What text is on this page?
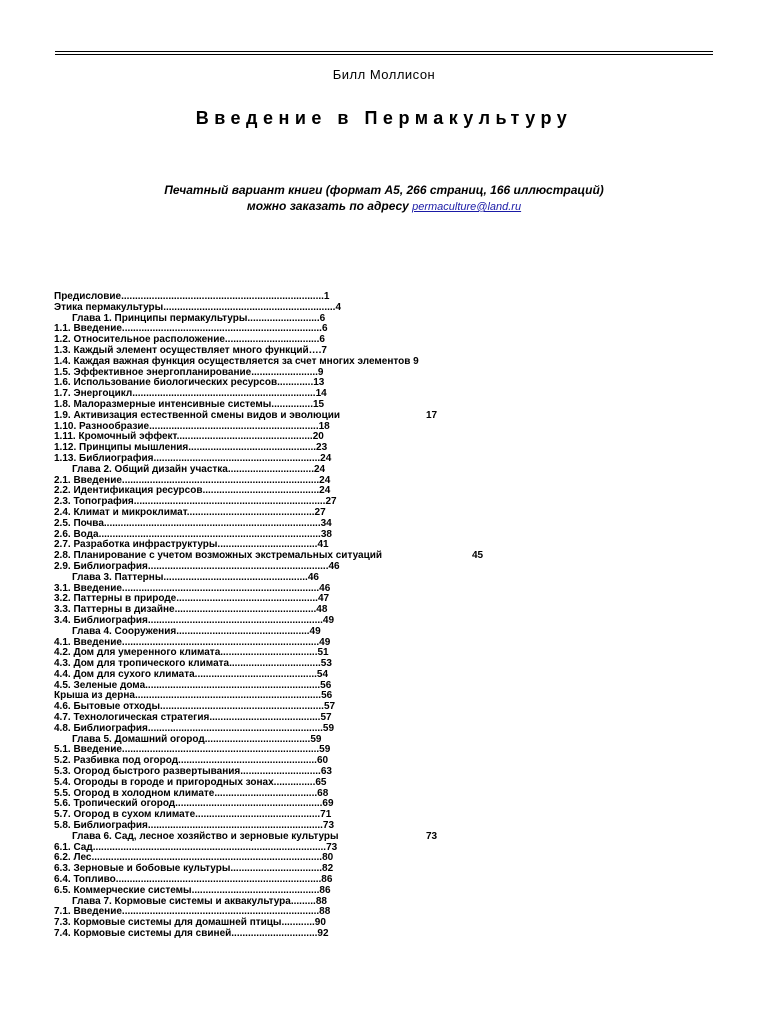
Билл Моллисон
Введение в Пермакультуру
Печатный вариант книги (формат А5, 266 страниц, 166 иллюстраций)
можно заказать по адресу permaculture@land.ru
Предисловие.........................................................................1
Этика пермакультуры..............................................................4
Глава 1. Принципы пермакультуры..........................6
1.1. Введение........................................................................6
1.2. Относительное расположение..................................6
1.3. Каждый элемент осуществляет много функций….7
1.4. Каждая важная функция осуществляется за счет многих элементов 9
1.5. Эффективное энергопланирование........................9
1.6. Использование биологических ресурсов.............13
1.7. Энергоцикл..................................................................14
1.8. Малоразмерные интенсивные системы...............15
1.9. Активизация естественной смены видов и эволюции	17
1.10. Разнообразие.............................................................18
1.11. Кромочный эффект.................................................20
1.12. Принципы мышления..............................................23
1.13. Библиография............................................................24
Глава 2. Общий дизайн участка...............................24
2.1. Введение.......................................................................24
2.2. Идентификация ресурсов..........................................24
2.3. Топография.....................................................................27
2.4. Климат и микроклимат..............................................27
2.5. Почва..............................................................................34
2.6. Вода................................................................................38
2.7. Разработка инфраструктуры....................................41
2.8. Планирование с учетом возможных экстремальных ситуаций	45
2.9. Библиография.................................................................46
Глава 3. Паттерны....................................................46
3.1. Введение.......................................................................46
3.2. Паттерны в природе...................................................47
3.3. Паттерны в дизайне...................................................48
3.4. Библиография...............................................................49
Глава 4. Сооружения................................................49
4.1. Введение.......................................................................49
4.2. Дом для умеренного климата...................................51
4.3. Дом для тропического климата.................................53
4.4. Дом для сухого климата............................................54
4.5. Зеленые дома...............................................................56
Крыша из дерна...................................................................56
4.6. Бытовые отходы...........................................................57
4.7. Технологическая стратегия........................................57
4.8. Библиография...............................................................59
Глава 5. Домашний огород......................................59
5.1. Введение.......................................................................59
5.2. Разбивка под огород..................................................60
5.3. Огород быстрого развертывания.............................63
5.4. Огороды в городе и пригородных зонах...............65
5.5. Огород в холодном климате.....................................68
5.6. Тропический огород.....................................................69
5.7. Огород в сухом климате.............................................71
5.8. Библиография...............................................................73
Глава 6. Сад, лесное хозяйство и зерновые культуры	73
6.1. Сад....................................................................................73
6.2. Лес...................................................................................80
6.3. Зерновые и бобовые культуры.................................82
6.4. Топливо..........................................................................86
6.5. Коммерческие системы..............................................86
Глава 7. Кормовые системы и аквакультура.........88
7.1. Введение.......................................................................88
7.3. Кормовые системы для домашней птицы............90
7.4. Кормовые системы для свиней...............................92
